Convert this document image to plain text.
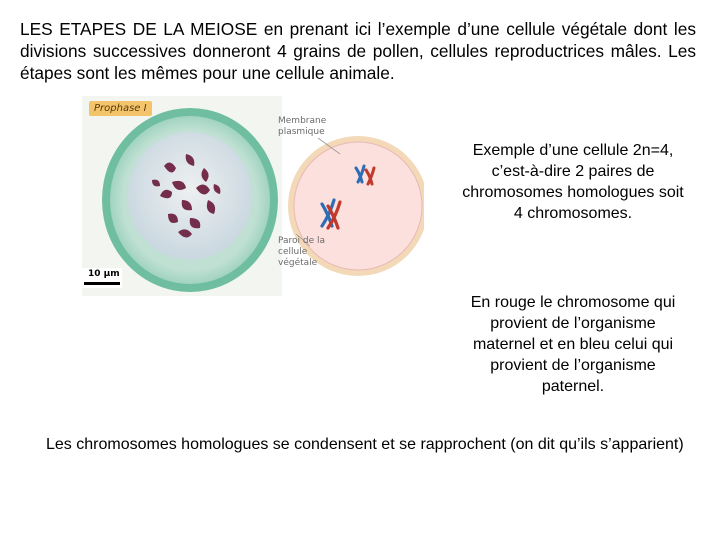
LES ETAPES DE LA MEIOSE en prenant ici l’exemple d’une cellule végétale dont les divisions successives donneront 4 grains de pollen, cellules reproductrices mâles. Les étapes sont les mêmes pour une cellule animale.
Prophase I
10 µm
Membrane plasmique
Paroi de la cellule végétale
Exemple d’une cellule 2n=4, c’est-à-dire 2 paires de chromosomes homologues soit 4 chromosomes.
En rouge le chromosome qui provient de l’organisme maternel et en bleu celui qui provient de l’organisme paternel.
Les chromosomes homologues se condensent et se rapprochent (on dit qu’ils s’apparient)
